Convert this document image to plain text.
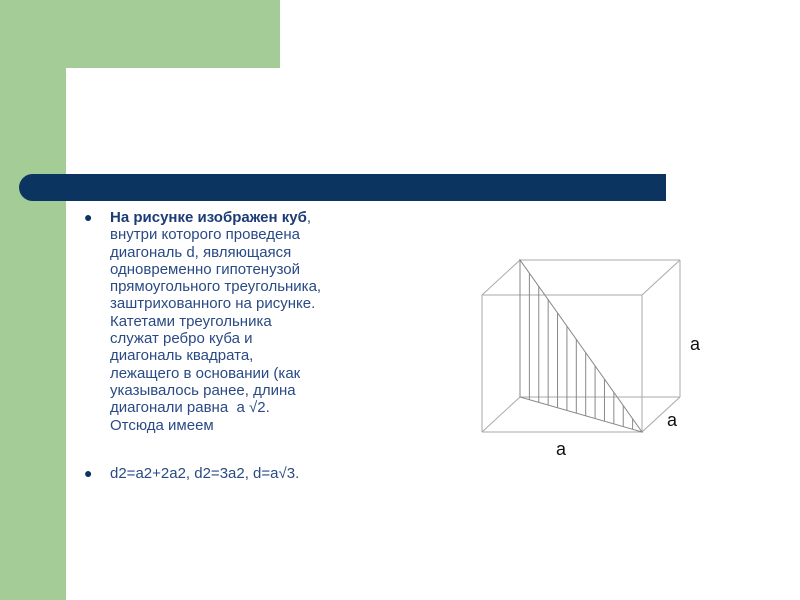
● На рисунке изображен куб,
внутри которого проведена
диагональ d, являющаяся
одновременно гипотенузой
прямоугольного треугольника,
заштрихованного на рисунке.
Катетами треугольника
служат ребро куба и
диагональ квадрата,
лежащего в основании (как
указывалось ранее, длина
диагонали равна  a √2.
Отсюда имеем

● d2=a2+2a2, d2=3a2, d=a√3.

a
a
a
